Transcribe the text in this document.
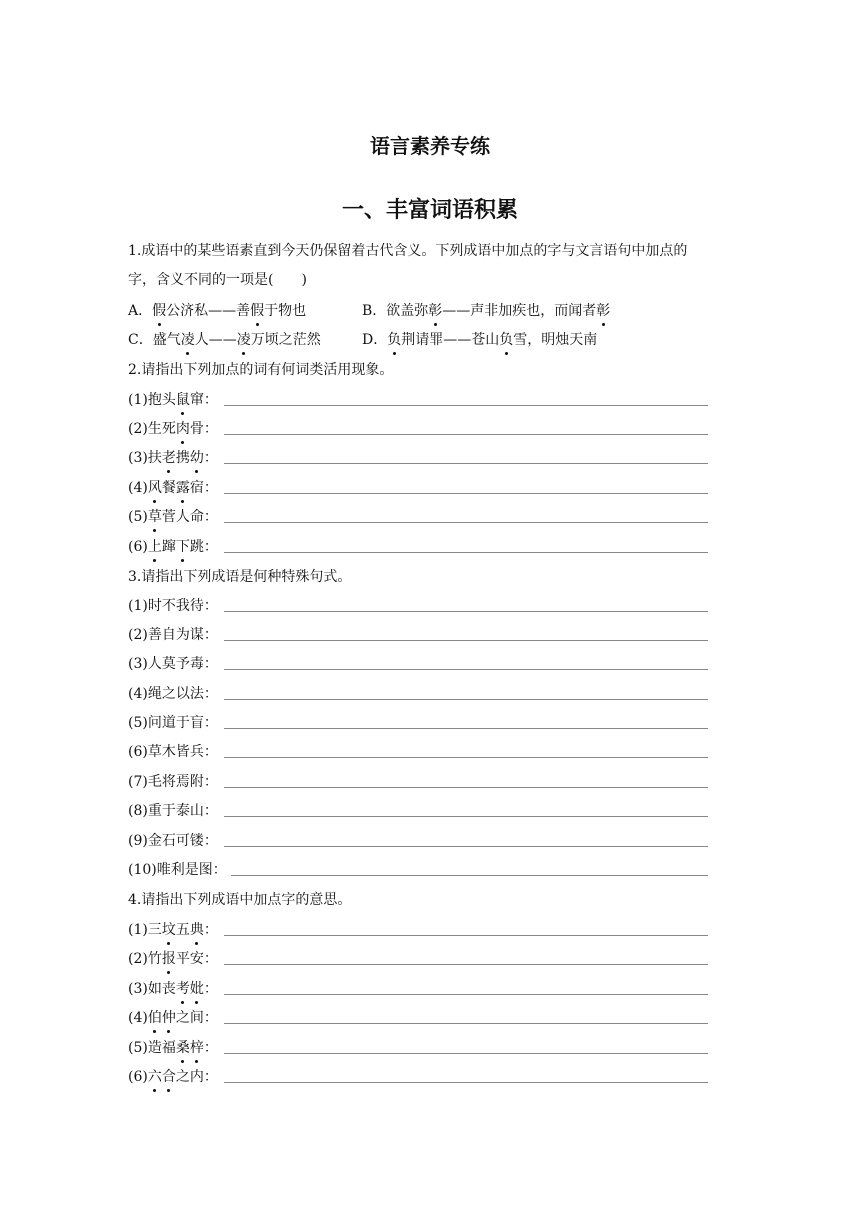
语言素养专练
一、丰富词语积累
1.成语中的某些语素直到今天仍保留着古代含义。下列成语中加点的字与文言语句中加点的
字，含义不同的一项是(　　)
A．假公济私——善假于物也	B．欲盖弥彰——声非加疾也，而闻者彰
C．盛气凌人——凌万顷之茫然	D．负荆请罪——苍山负雪，明烛天南
2.请指出下列加点的词有何词类活用现象。
(1)抱头鼠窜：
(2)生死肉骨：
(3)扶老携幼：
(4)风餐露宿：
(5)草菅人命：
(6)上蹿下跳：
3.请指出下列成语是何种特殊句式。
(1)时不我待：
(2)善自为谋：
(3)人莫予毒：
(4)绳之以法：
(5)问道于盲：
(6)草木皆兵：
(7)毛将焉附：
(8)重于泰山：
(9)金石可镂：
(10)唯利是图：
4.请指出下列成语中加点字的意思。
(1)三坟五典：
(2)竹报平安：
(3)如丧考妣：
(4)伯仲之间：
(5)造福桑梓：
(6)六合之内：
